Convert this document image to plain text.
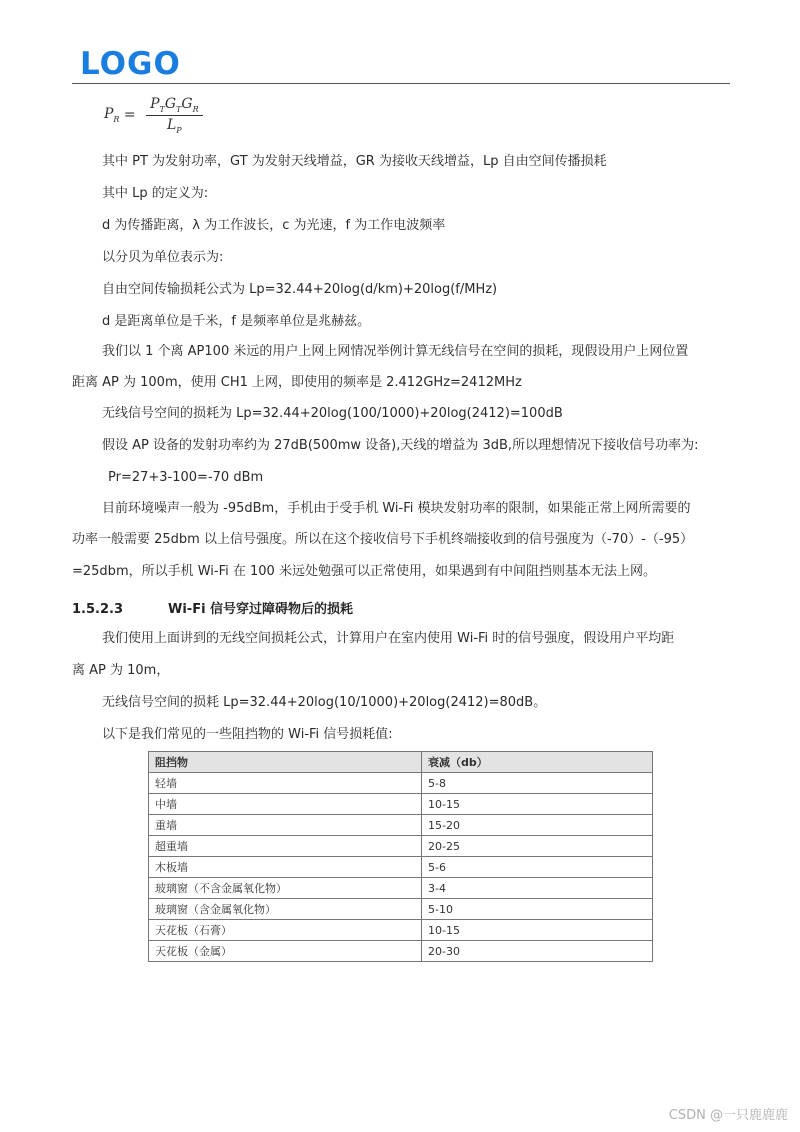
LOGO
$P_R = \frac{P_TG_TG_R}{L_P}$
其中 PT 为发射功率，GT 为发射天线增益，GR 为接收天线增益，Lp 自由空间传播损耗
其中 Lp 的定义为:
d 为传播距离，λ 为工作波长，c 为光速，f 为工作电波频率
以分贝为单位表示为:
自由空间传输损耗公式为 Lp=32.44+20log(d/km)+20log(f/MHz)
d 是距离单位是千米，f 是频率单位是兆赫兹。
我们以 1 个离 AP100 米远的用户上网上网情况举例计算无线信号在空间的损耗，现假设用户上网位置
距离 AP 为 100m，使用 CH1 上网，即使用的频率是 2.412GHz=2412MHz
无线信号空间的损耗为 Lp=32.44+20log(100/1000)+20log(2412)=100dB
假设 AP 设备的发射功率约为 27dB(500mw 设备),天线的增益为 3dB,所以理想情况下接收信号功率为:
Pr=27+3-100=-70 dBm
目前环境噪声一般为 -95dBm，手机由于受手机 Wi-Fi 模块发射功率的限制，如果能正常上网所需要的
功率一般需要 25dbm 以上信号强度。所以在这个接收信号下手机终端接收到的信号强度为（-70）-（-95）
=25dbm，所以手机 Wi-Fi 在 100 米远处勉强可以正常使用，如果遇到有中间阻挡则基本无法上网。
1.5.2.3	Wi-Fi 信号穿过障碍物后的损耗
我们使用上面讲到的无线空间损耗公式，计算用户在室内使用 Wi-Fi 时的信号强度，假设用户平均距
离 AP 为 10m，
无线信号空间的损耗 Lp=32.44+20log(10/1000)+20log(2412)=80dB。
以下是我们常见的一些阻挡物的 Wi-Fi 信号损耗值:
阻挡物	衰减（db）
轻墙	5-8
中墙	10-15
重墙	15-20
超重墙	20-25
木板墙	5-6
玻璃窗（不含金属氧化物）	3-4
玻璃窗（含金属氧化物）	5-10
天花板（石膏）	10-15
天花板（金属）	20-30
CSDN @一只鹿鹿鹿
